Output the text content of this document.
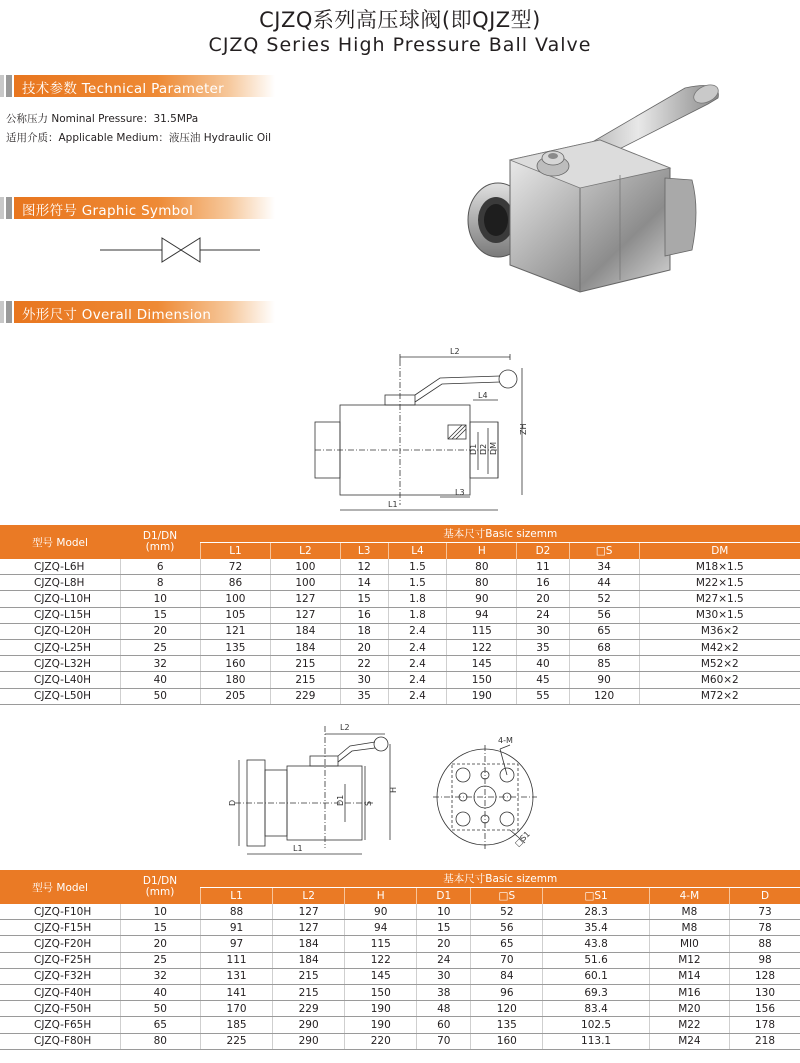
CJZQ系列高压球阀(即QJZ型)
CJZQ Series High Pressure Ball Valve
技术参数 Technical Parameter
公称压力 Nominal Pressure：31.5MPa
适用介质：Applicable Medium：液压油 Hydraulic Oil
图形符号 Graphic Symbol
外形尺寸 Overall Dimension
L2
L4
ZH
D1 D2 DM
L3
L1
型号 Model	D1/DN
(mm)	基本尺寸Basic sizemm							
		L1	L2	L3	L4	H	D2	□S	DM
CJZQ-L6H	6	72	100	12	1.5	80	11	34	M18×1.5
CJZQ-L8H	8	86	100	14	1.5	80	16	44	M22×1.5
CJZQ-L10H	10	100	127	15	1.8	90	20	52	M27×1.5
CJZQ-L15H	15	105	127	16	1.8	94	24	56	M30×1.5
CJZQ-L20H	20	121	184	18	2.4	115	30	65	M36×2
CJZQ-L25H	25	135	184	20	2.4	122	35	68	M42×2
CJZQ-L32H	32	160	215	22	2.4	145	40	85	M52×2
CJZQ-L40H	40	180	215	30	2.4	150	45	90	M60×2
CJZQ-L50H	50	205	229	35	2.4	190	55	120	M72×2
L2
D	D1 S
H
L1
4-M
□S1
型号 Model	D1/DN
(mm)	基本尺寸Basic sizemm							
		L1	L2	H	D1	□S	□S1	4-M	D
CJZQ-F10H	10	88	127	90	10	52	28.3	M8	73
CJZQ-F15H	15	91	127	94	15	56	35.4	M8	78
CJZQ-F20H	20	97	184	115	20	65	43.8	MI0	88
CJZQ-F25H	25	111	184	122	24	70	51.6	M12	98
CJZQ-F32H	32	131	215	145	30	84	60.1	M14	128
CJZQ-F40H	40	141	215	150	38	96	69.3	M16	130
CJZQ-F50H	50	170	229	190	48	120	83.4	M20	156
CJZQ-F65H	65	185	290	190	60	135	102.5	M22	178
CJZQ-F80H	80	225	290	220	70	160	113.1	M24	218
